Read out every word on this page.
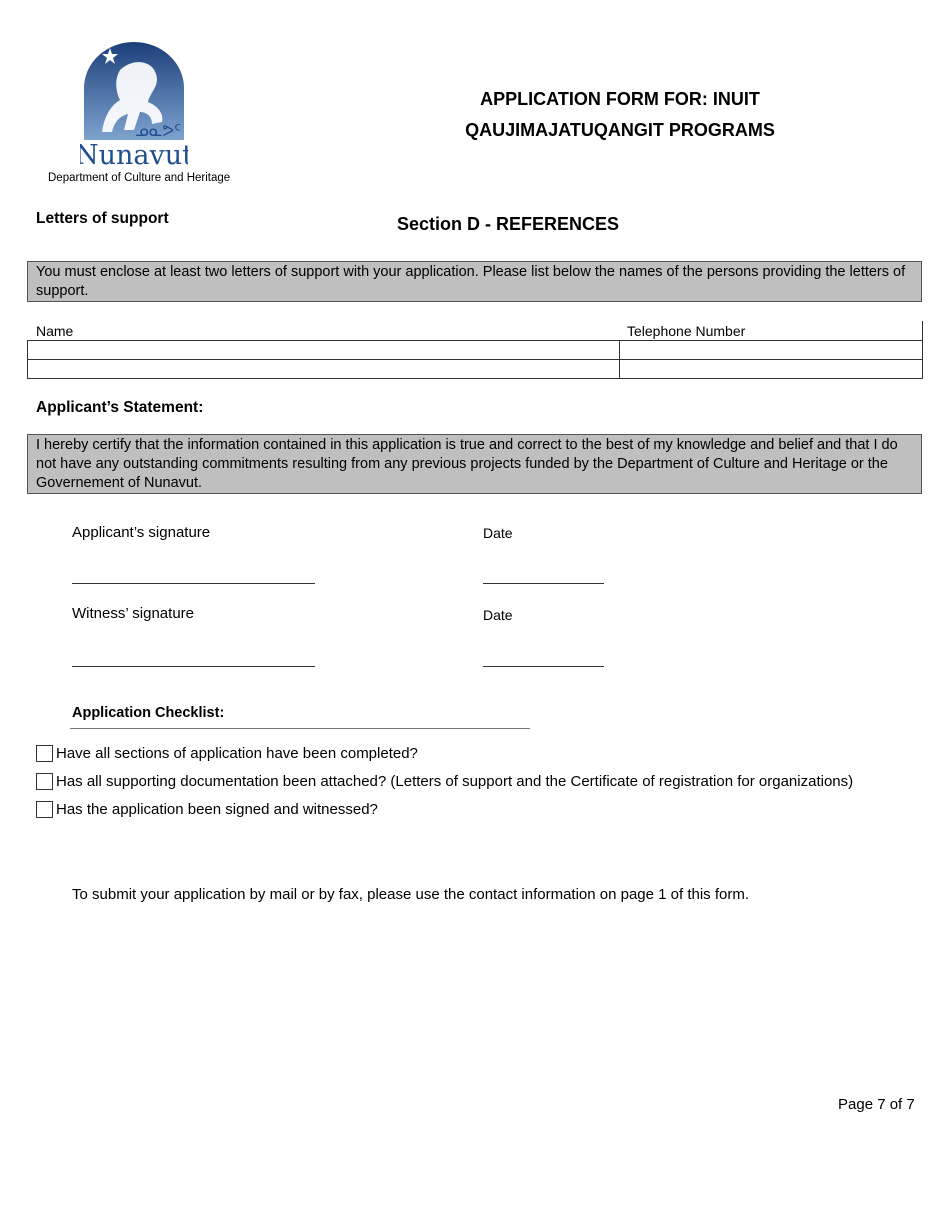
ᓄᓇᕗᑦ
Nunavut
Department of Culture and Heritage
APPLICATION FORM FOR: INUIT
QAUJIMAJATUQANGIT PROGRAMS
Letters of support	Section D - REFERENCES
You must enclose at least two letters of support with your application. Please list below the names of the persons providing the letters of support.
Name	Telephone Number
Applicant’s Statement:
I hereby certify that the information contained in this application is true and correct to the best of my knowledge and belief and that I do not have any outstanding commitments resulting from any previous projects funded by the Department of Culture and Heritage or the Governement of Nunavut.
Applicant’s signature	Date
Witness’ signature	Date
Application Checklist:
Have all sections of application have been completed?
Has all supporting documentation been attached? (Letters of support and the Certificate of registration for organizations)
Has the application been signed and witnessed?
To submit your application by mail or by fax, please use the contact information on page 1 of this form.
Page 7 of 7
